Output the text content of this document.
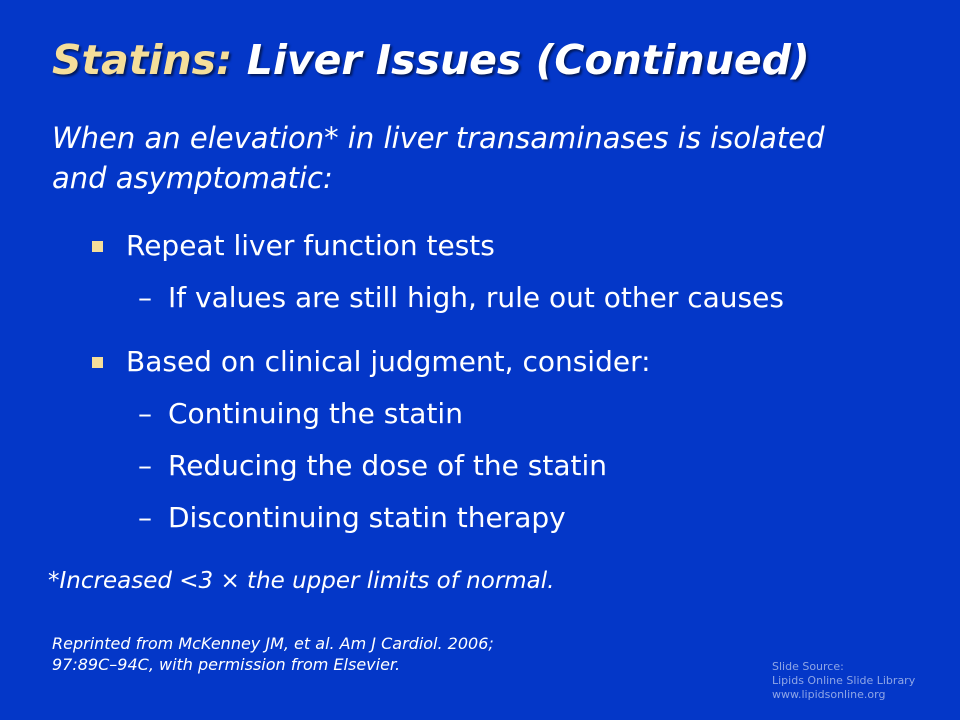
Statins: Liver Issues (Continued)
When an elevation* in liver transaminases is isolated
and asymptomatic:
Repeat liver function tests
– If values are still high, rule out other causes
Based on clinical judgment, consider:
– Continuing the statin
– Reducing the dose of the statin
– Discontinuing statin therapy
*Increased <3 × the upper limits of normal.
Reprinted from McKenney JM, et al. Am J Cardiol. 2006;
97:89C–94C, with permission from Elsevier.	Slide Source:
Lipids Online Slide Library
www.lipidsonline.org
